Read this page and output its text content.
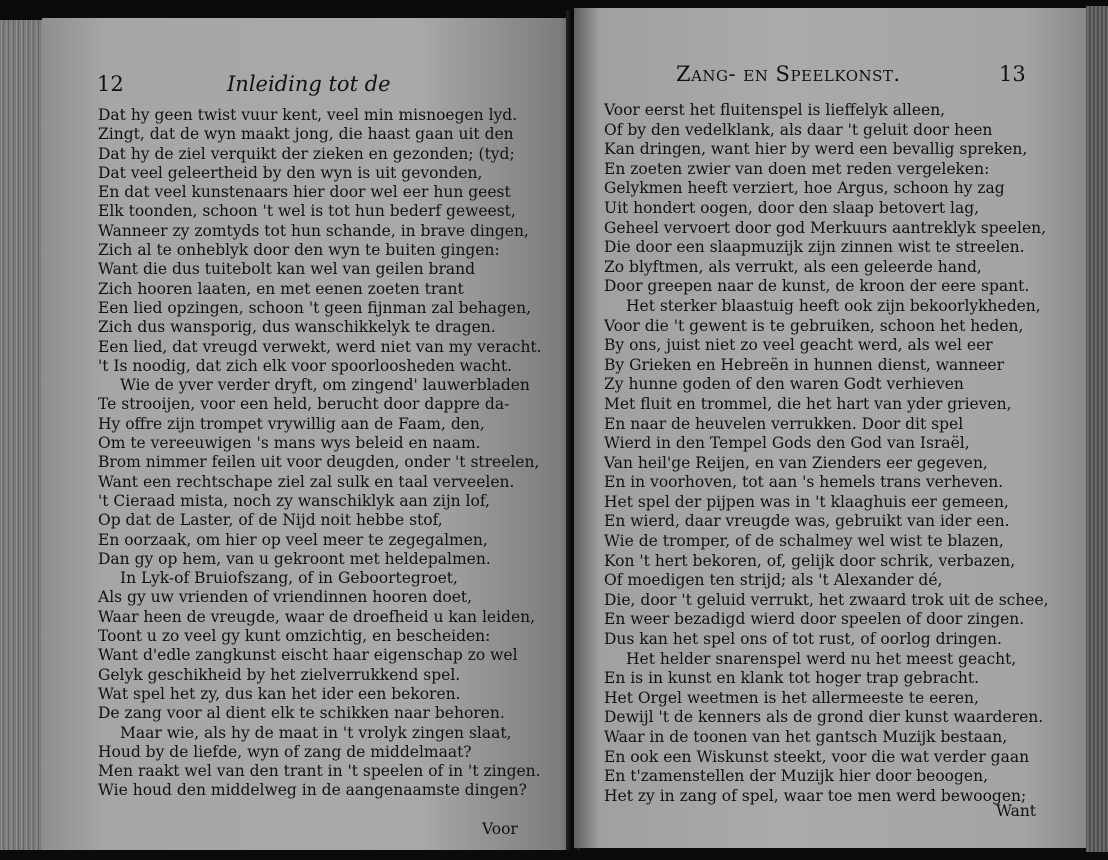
12	Inleiding tot de
Dat hy geen twist vuur kent, veel min misnoegen lyd.
Zingt, dat de wyn maakt jong, die haast gaan uit den
Dat hy de ziel verquikt der zieken en gezonden; (tyd;
Dat veel geleertheid by den wyn is uit gevonden,
En dat veel kunstenaars hier door wel eer hun geest
Elk toonden, schoon 't wel is tot hun bederf geweest,
Wanneer zy zomtyds tot hun schande, in brave dingen,
Zich al te onheblyk door den wyn te buiten gingen:
Want die dus tuitebolt kan wel van geilen brand
Zich hooren laaten, en met eenen zoeten trant
Een lied opzingen, schoon 't geen fijnman zal behagen,
Zich dus wansporig, dus wanschikkelyk te dragen.
Een lied, dat vreugd verwekt, werd niet van my veracht.
't Is noodig, dat zich elk voor spoorloosheden wacht.
Wie de yver verder dryft, om zingend' lauwerbladen
Te strooijen, voor een held, berucht door dappre da-
Hy offre zijn trompet vrywillig aan de Faam, den,
Om te vereeuwigen 's mans wys beleid en naam.
Brom nimmer feilen uit voor deugden, onder 't streelen,
Want een rechtschape ziel zal sulk en taal verveelen.
't Cieraad mista, noch zy wanschiklyk aan zijn lof,
Op dat de Laster, of de Nijd noit hebbe stof,
En oorzaak, om hier op veel meer te zegegalmen,
Dan gy op hem, van u gekroont met heldepalmen.
In Lyk-of Bruiofszang, of in Geboortegroet,
Als gy uw vrienden of vriendinnen hooren doet,
Waar heen de vreugde, waar de droefheid u kan leiden,
Toont u zo veel gy kunt omzichtig, en bescheiden:
Want d'edle zangkunst eischt haar eigenschap zo wel
Gelyk geschikheid by het zielverrukkend spel.
Wat spel het zy, dus kan het ider een bekoren.
De zang voor al dient elk te schikken naar behoren.
Maar wie, als hy de maat in 't vrolyk zingen slaat,
Houd by de liefde, wyn of zang de middelmaat?
Men raakt wel van den trant in 't speelen of in 't zingen.
Wie houd den middelweg in de aangenaamste dingen?
Voor
Zang- en Speelkonst.	13
Voor eerst het fluitenspel is lieffelyk alleen,
Of by den vedelklank, als daar 't geluit door heen
Kan dringen, want hier by werd een bevallig spreken,
En zoeten zwier van doen met reden vergeleken:
Gelykmen heeft verziert, hoe Argus, schoon hy zag
Uit hondert oogen, door den slaap betovert lag,
Geheel vervoert door god Merkuurs aantreklyk speelen,
Die door een slaapmuzijk zijn zinnen wist te streelen.
Zo blyftmen, als verrukt, als een geleerde hand,
Door greepen naar de kunst, de kroon der eere spant.
Het sterker blaastuig heeft ook zijn bekoorlykheden,
Voor die 't gewent is te gebruiken, schoon het heden,
By ons, juist niet zo veel geacht werd, als wel eer
By Grieken en Hebreën in hunnen dienst, wanneer
Zy hunne goden of den waren Godt verhieven
Met fluit en trommel, die het hart van yder grieven,
En naar de heuvelen verrukken. Door dit spel
Wierd in den Tempel Gods den God van Israël,
Van heil'ge Reijen, en van Zienders eer gegeven,
En in voorhoven, tot aan 's hemels trans verheven.
Het spel der pijpen was in 't klaaghuis eer gemeen,
En wierd, daar vreugde was, gebruikt van ider een.
Wie de tromper, of de schalmey wel wist te blazen,
Kon 't hert bekoren, of, gelijk door schrik, verbazen,
Of moedigen ten strijd; als 't Alexander dé,
Die, door 't geluid verrukt, het zwaard trok uit de schee,
En weer bezadigd wierd door speelen of door zingen.
Dus kan het spel ons of tot rust, of oorlog dringen.
Het helder snarenspel werd nu het meest geacht,
En is in kunst en klank tot hoger trap gebracht.
Het Orgel weetmen is het allermeeste te eeren,
Dewijl 't de kenners als de grond dier kunst waarderen.
Waar in de toonen van het gantsch Muzijk bestaan,
En ook een Wiskunst steekt, voor die wat verder gaan
En t'zamenstellen der Muzijk hier door beoogen,
Het zy in zang of spel, waar toe men werd bewoogen;
Want
